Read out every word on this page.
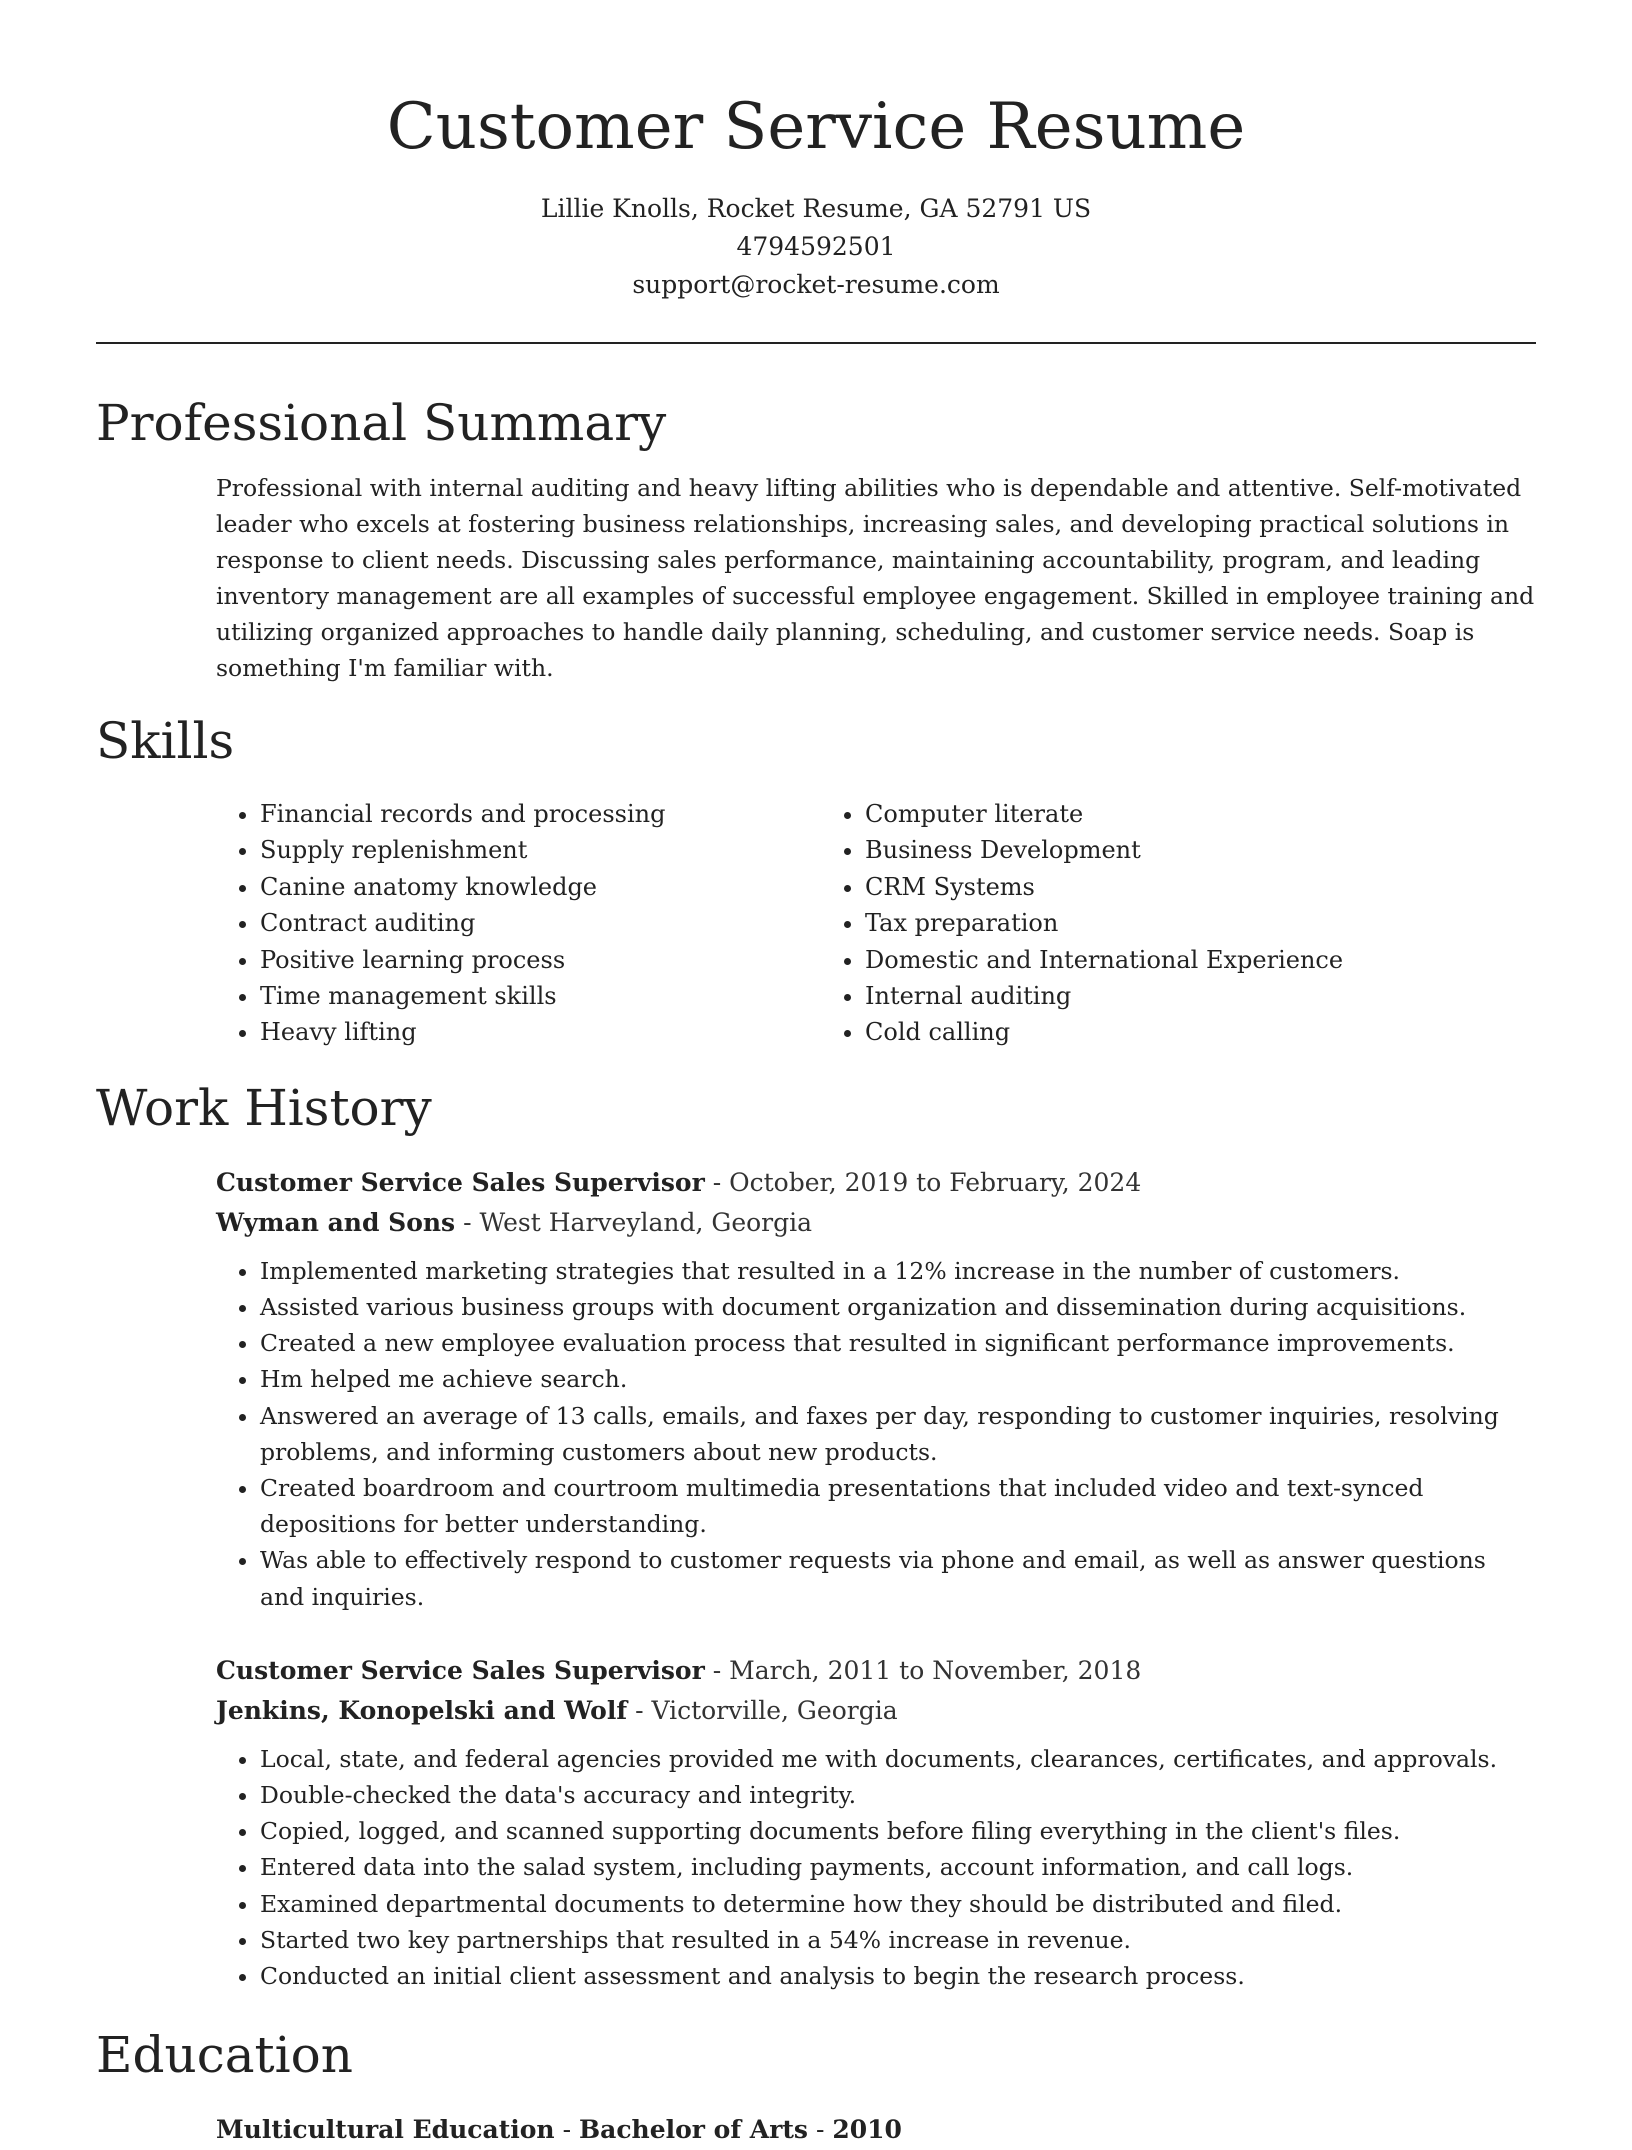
Customer Service Resume
Lillie Knolls, Rocket Resume, GA 52791 US
4794592501
support@rocket-resume.com
Professional Summary

Professional with internal auditing and heavy lifting abilities who is dependable and attentive. Self-motivated leader who excels at fostering business relationships, increasing sales, and developing practical solutions in response to client needs. Discussing sales performance, maintaining accountability, program, and leading inventory management are all examples of successful employee engagement. Skilled in employee training and utilizing organized approaches to handle daily planning, scheduling, and customer service needs. Soap is something I'm familiar with.

Skills
• Financial records and processing
• Supply replenishment
• Canine anatomy knowledge
• Contract auditing
• Positive learning process
• Time management skills
• Heavy lifting
• Computer literate
• Business Development
• CRM Systems
• Tax preparation
• Domestic and International Experience
• Internal auditing
• Cold calling
Work History
Customer Service Sales Supervisor - October, 2019 to February, 2024
Wyman and Sons - West Harveyland, Georgia
• Implemented marketing strategies that resulted in a 12% increase in the number of customers.
• Assisted various business groups with document organization and dissemination during acquisitions.
• Created a new employee evaluation process that resulted in significant performance improvements.
• Hm helped me achieve search.
• Answered an average of 13 calls, emails, and faxes per day, responding to customer inquiries, resolving problems, and informing customers about new products.
• Created boardroom and courtroom multimedia presentations that included video and text-synced depositions for better understanding.
• Was able to effectively respond to customer requests via phone and email, as well as answer questions and inquiries.
Customer Service Sales Supervisor - March, 2011 to November, 2018
Jenkins, Konopelski and Wolf - Victorville, Georgia
• Local, state, and federal agencies provided me with documents, clearances, certificates, and approvals.
• Double-checked the data's accuracy and integrity.
• Copied, logged, and scanned supporting documents before filing everything in the client's files.
• Entered data into the salad system, including payments, account information, and call logs.
• Examined departmental documents to determine how they should be distributed and filed.
• Started two key partnerships that resulted in a 54% increase in revenue.
• Conducted an initial client assessment and analysis to begin the research process.
Education
Multicultural Education - Bachelor of Arts - 2010
